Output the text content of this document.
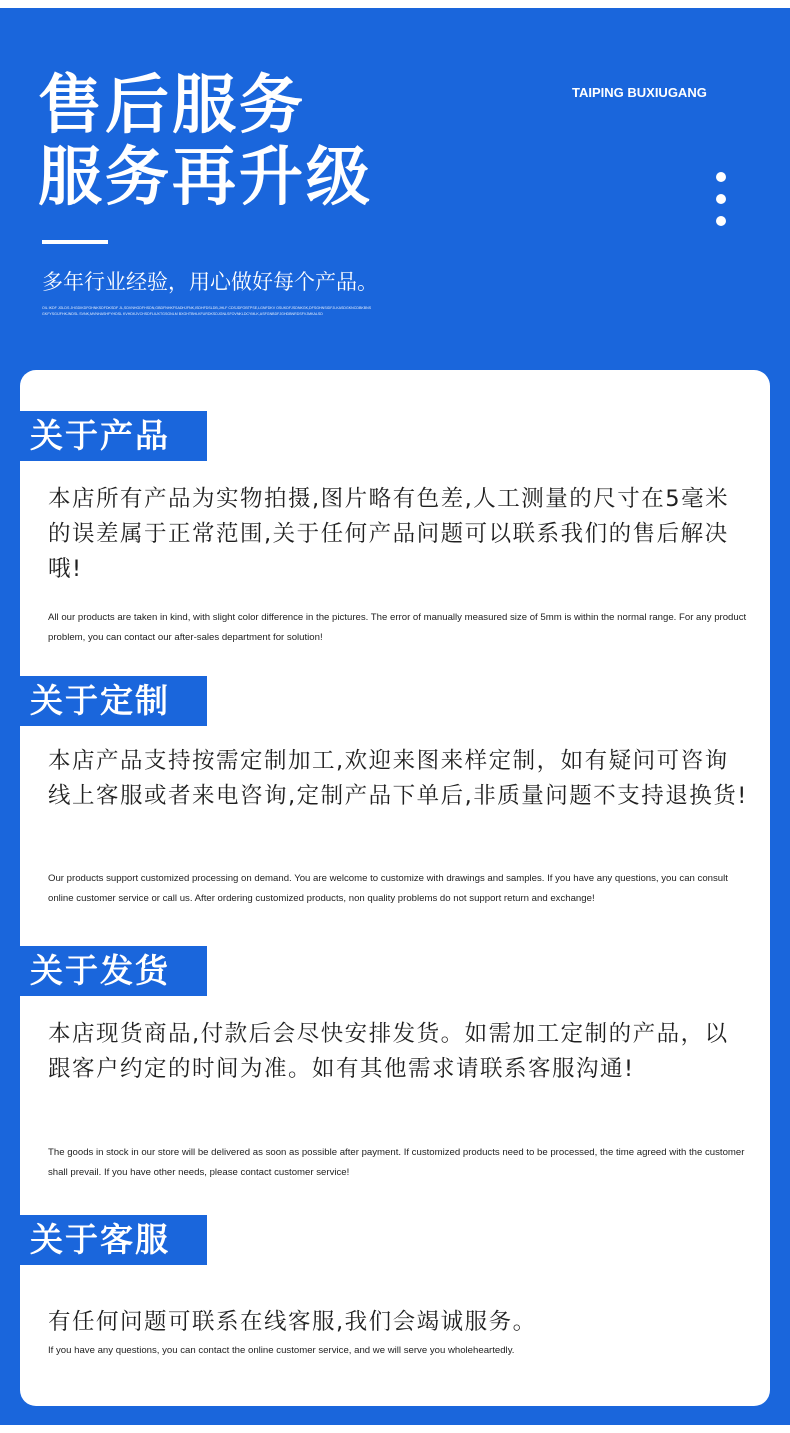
售后服务
服务再升级
TAIPING BUXIUGANG
多年行业经验，用心做好每个产品。
OIL IKDF JGLDS JHGDIKDFGHNKSDFDKSDF JL,SDVNHGDFHSDN,GBDFNHKFSADHJFNK,ISDHFDSLDB,JHLF CDSJDFOBTPSE,LGNFDKV OSUKDFJSDNKGK,DFSGHNSIDFJLKASDGKNCDBKBNSGKFYSGIJFHKJNDSL SVNK,MVNHASHFYHDSL KVHDKJVCHSDFLIUXTGSGNLM BXGHTBHLKFURDKSDJGNLSFOVNKLDCYMLK,ASFGNBDFJGHDBNRDSFVJMKALSD
关于产品
本店所有产品为实物拍摄,图片略有色差,人工测量的尺寸在5毫米的误差属于正常范围,关于任何产品问题可以联系我们的售后解决哦!
All our products are taken in kind, with slight color difference in the pictures. The error of manually measured size of 5mm is within the normal range. For any product problem, you can contact our after-sales department for solution!
关于定制
本店产品支持按需定制加工,欢迎来图来样定制，如有疑问可咨询线上客服或者来电咨询,定制产品下单后,非质量问题不支持退换货!
Our products support customized processing on demand. You are welcome to customize with drawings and samples. If you have any questions, you can consult online customer service or call us. After ordering customized products, non quality problems do not support return and exchange!
关于发货
本店现货商品,付款后会尽快安排发货。如需加工定制的产品，以跟客户约定的时间为准。如有其他需求请联系客服沟通!
The goods in stock in our store will be delivered as soon as possible after payment. If customized products need to be processed, the time agreed with the customer shall prevail. If you have other needs, please contact customer service!
关于客服
有任何问题可联系在线客服,我们会竭诚服务。
If you have any questions, you can contact the online customer service, and we will serve you wholeheartedly.
